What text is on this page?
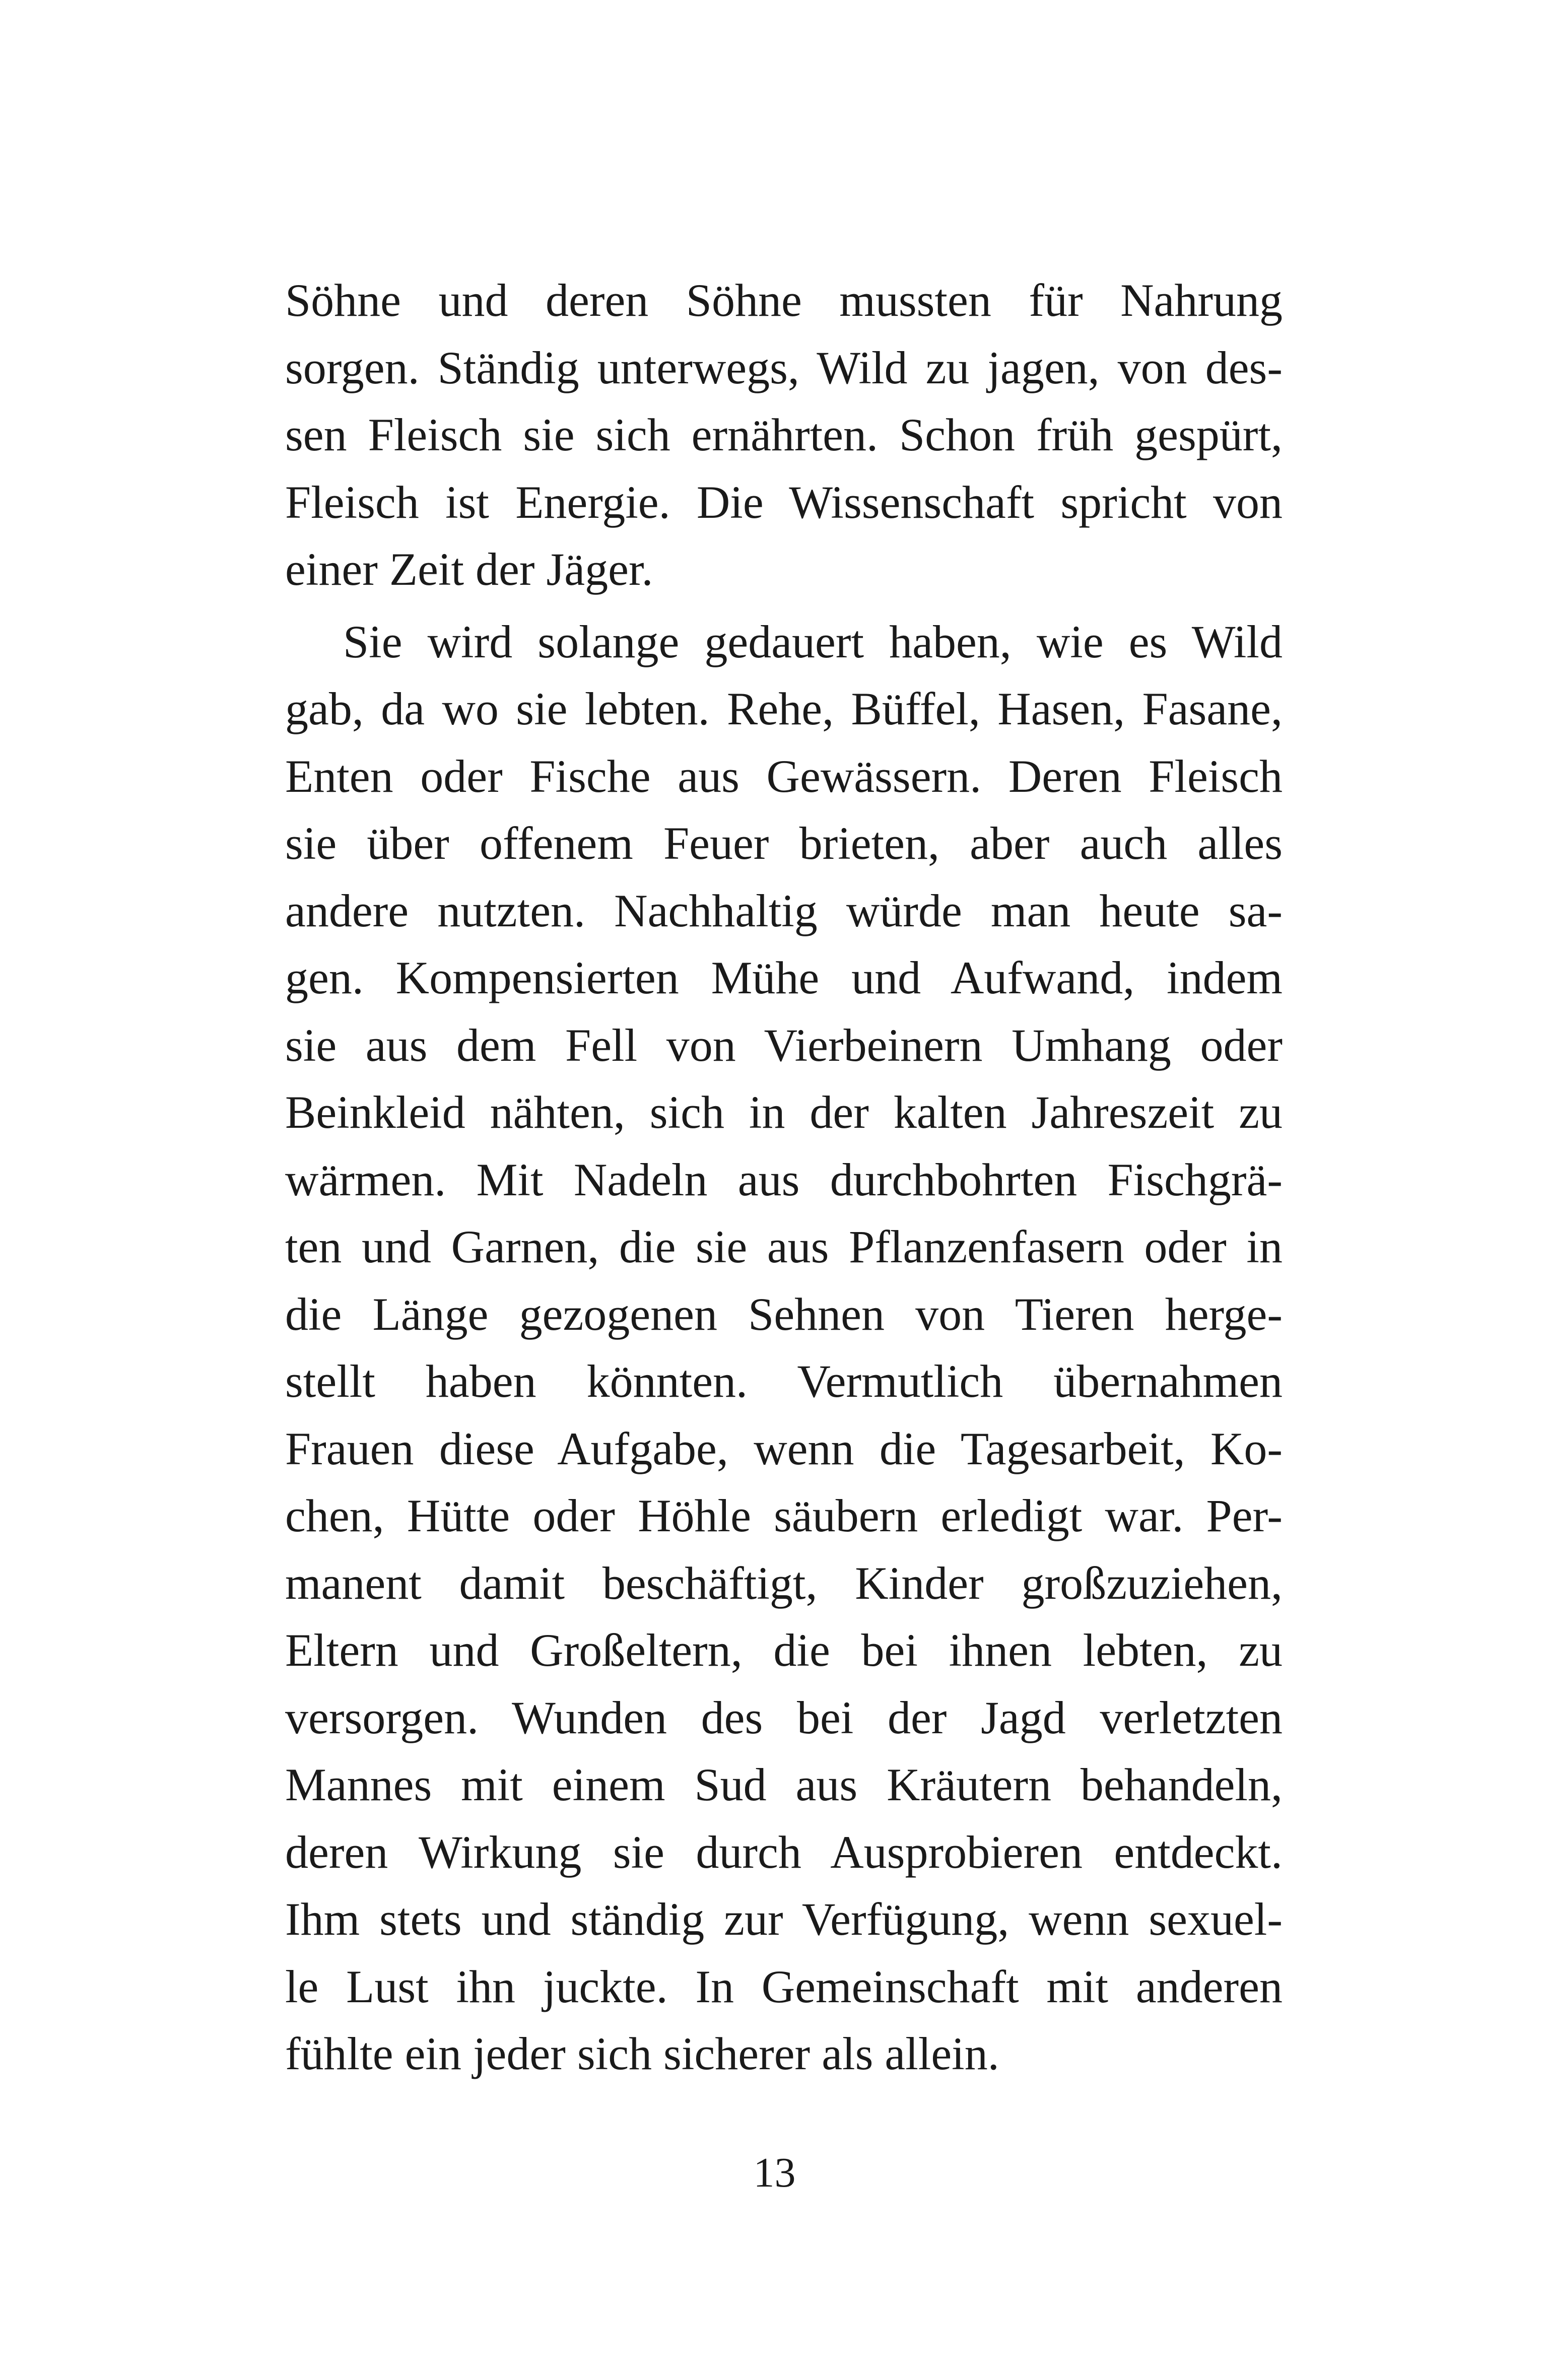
Söhne und deren Söhne mussten für Nahrung
sorgen. Ständig unterwegs, Wild zu jagen, von des-
sen Fleisch sie sich ernährten. Schon früh gespürt,
Fleisch ist Energie. Die Wissenschaft spricht von
einer Zeit der Jäger.
Sie wird solange gedauert haben, wie es Wild
gab, da wo sie lebten. Rehe, Büffel, Hasen, Fasane,
Enten oder Fische aus Gewässern. Deren Fleisch
sie über offenem Feuer brieten, aber auch alles
andere nutzten. Nachhaltig würde man heute sa-
gen. Kompensierten Mühe und Aufwand, indem
sie aus dem Fell von Vierbeinern Umhang oder
Beinkleid nähten, sich in der kalten Jahreszeit zu
wärmen. Mit Nadeln aus durchbohrten Fischgrä-
ten und Garnen, die sie aus Pflanzenfasern oder in
die Länge gezogenen Sehnen von Tieren herge-
stellt haben könnten. Vermutlich übernahmen
Frauen diese Aufgabe, wenn die Tagesarbeit, Ko-
chen, Hütte oder Höhle säubern erledigt war. Per-
manent damit beschäftigt, Kinder großzuziehen,
Eltern und Großeltern, die bei ihnen lebten, zu
versorgen. Wunden des bei der Jagd verletzten
Mannes mit einem Sud aus Kräutern behandeln,
deren Wirkung sie durch Ausprobieren entdeckt.
Ihm stets und ständig zur Verfügung, wenn sexuel-
le Lust ihn juckte. In Gemeinschaft mit anderen
fühlte ein jeder sich sicherer als allein.
13
